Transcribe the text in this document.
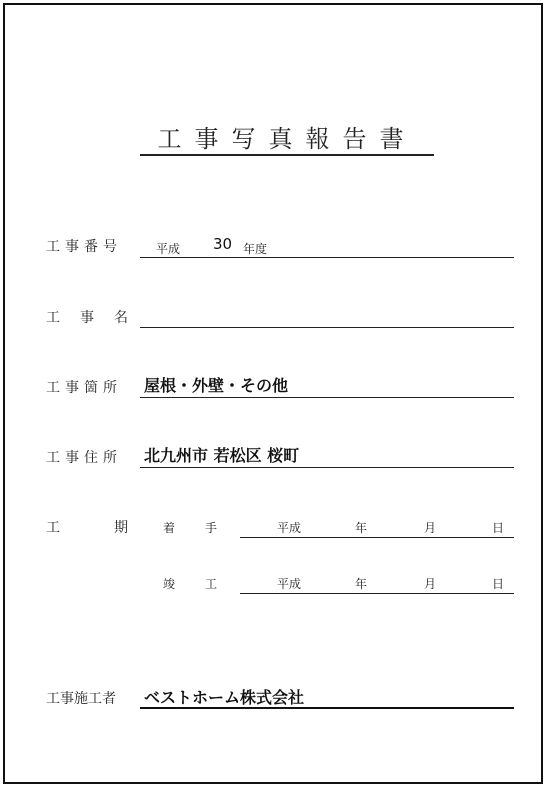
工事写真報告書
工事番号	平成 30 年度
工 事 名
工事箇所 屋根・外壁・その他
工事住所 北九州市 若松区 桜町
工	期	着手 平成	年	月	日
竣工 平成	年	月	日
工事施工者 ベストホーム株式会社
